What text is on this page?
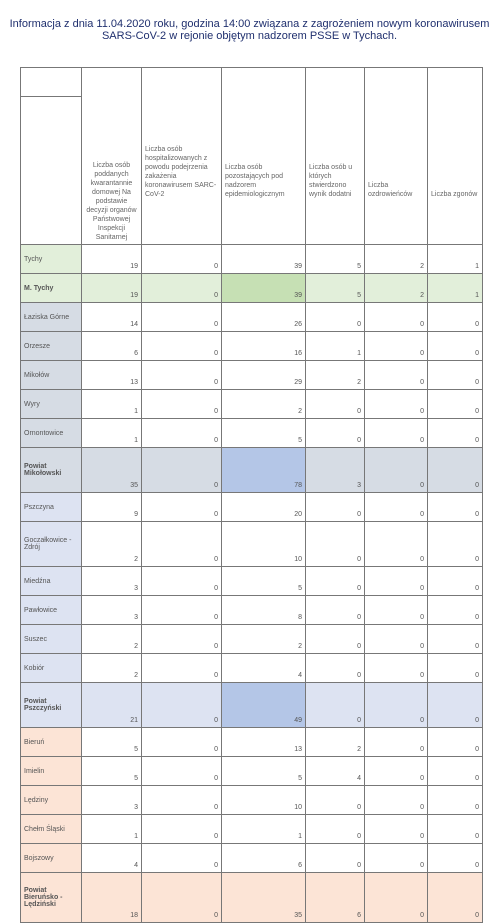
Informacja z dnia 11.04.2020 roku, godzina 14:00 związana z zagrożeniem nowym koronawirusem
SARS-CoV-2 w rejonie objętym nadzorem PSSE w Tychach.
	Liczba osób poddanych kwarantannie domowej Na podstawie decyzji organów Państwowej Inspekcji Sanitarnej	Liczba osób hospitalizowanych z powodu podejrzenia zakażenia koronawirusem SARC-CoV-2	Liczba osób pozostających pod nadzorem epidemiologicznym	Liczba osób u których stwierdzono wynik dodatni	Liczba ozdrowieńców	Liczba zgonów
Tychy	19	0	39	5	2	1
M. Tychy	19	0	39	5	2	1
Łaziska Górne	14	0	26	0	0	0
Orzesze	6	0	16	1	0	0
Mikołów	13	0	29	2	0	0
Wyry	1	0	2	0	0	0
Ornontowice	1	0	5	0	0	0
Powiat Mikołowski	35	0	78	3	0	0
Pszczyna	9	0	20	0	0	0
Goczałkowice - Zdrój	2	0	10	0	0	0
Miedźna	3	0	5	0	0	0
Pawłowice	3	0	8	0	0	0
Suszec	2	0	2	0	0	0
Kobiór	2	0	4	0	0	0
Powiat Pszczyński	21	0	49	0	0	0
Bieruń	5	0	13	2	0	0
Imielin	5	0	5	4	0	0
Lędziny	3	0	10	0	0	0
Chełm Śląski	1	0	1	0	0	0
Bojszowy	4	0	6	0	0	0
Powiat Bieruńsko - Lędziński	18	0	35	6	0	0
